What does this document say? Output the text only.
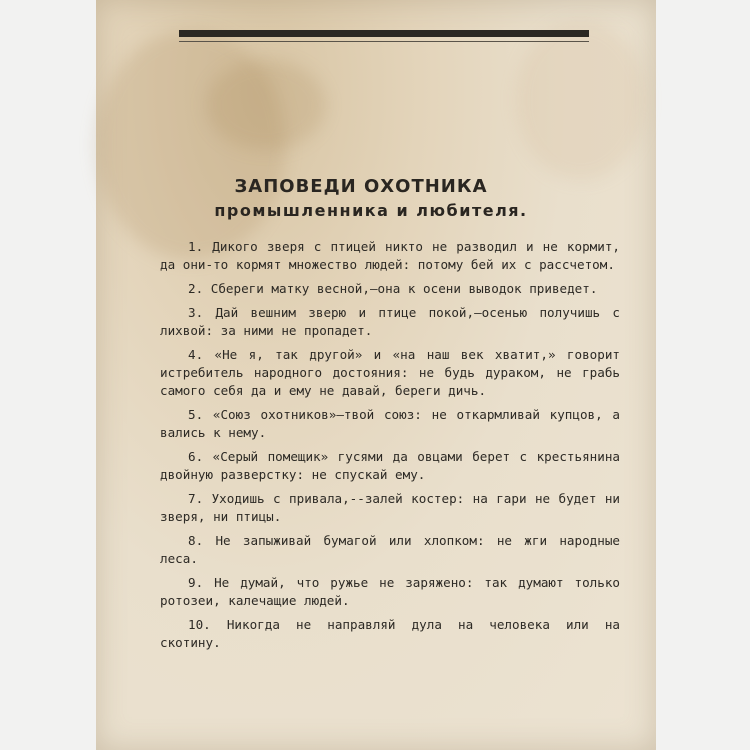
ЗАПОВЕДИ ОХОТНИКА
промышленника и любителя.

1. Дикого зверя с птицей никто не разводил и не кормит, да они-то кормят множество людей: потому бей их с рассчетом.

2. Сбереги матку весной,—она к осени выводок приведет.

3. Дай вешним зверю и птице покой,—осенью получишь с лихвой: за ними не пропадет.

4. «Не я, так другой» и «на наш век хватит,» говорит истребитель народного достояния: не будь дураком, не грабь самого себя да и ему не давай, береги дичь.

5. «Союз охотников»—твой союз: не откармливай купцов, а вались к нему.

6. «Серый помещик» гусями да овцами берет с крестьянина двойную разверстку: не спускай ему.

7. Уходишь с привала,--залей костер: на гари не будет ни зверя, ни птицы.

8. Не запыживай бумагой или хлопком: не жги народные леса.

9. Не думай, что ружье не заряжено: так думают только ротозеи, калечащие людей.

10. Никогда не направляй дула на человека или на скотину.
